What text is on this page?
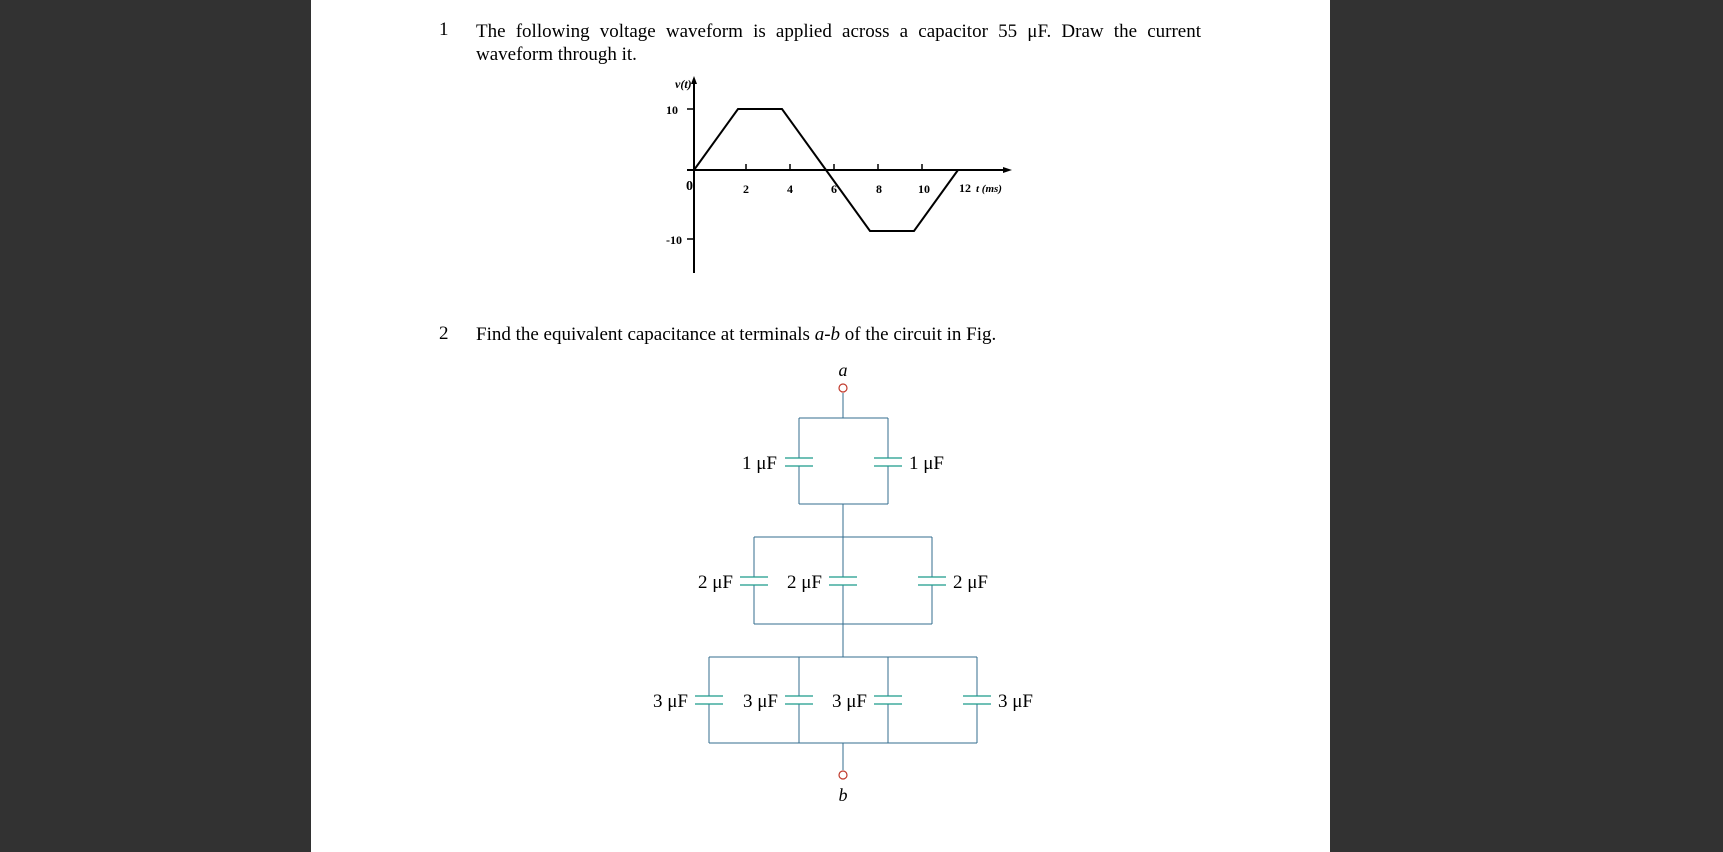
1 The following voltage waveform is applied across a capacitor 55 μF. Draw the current
waveform through it.
v(t)
10
-10
0	2	4	6	8	10 12 t (ms)
2 Find the equivalent capacitance at terminals a-b of the circuit in Fig.
a
b
1 μF	1 μF
2 μF	2 μF	2 μF
3 μF	3 μF	3 μF	3 μF
